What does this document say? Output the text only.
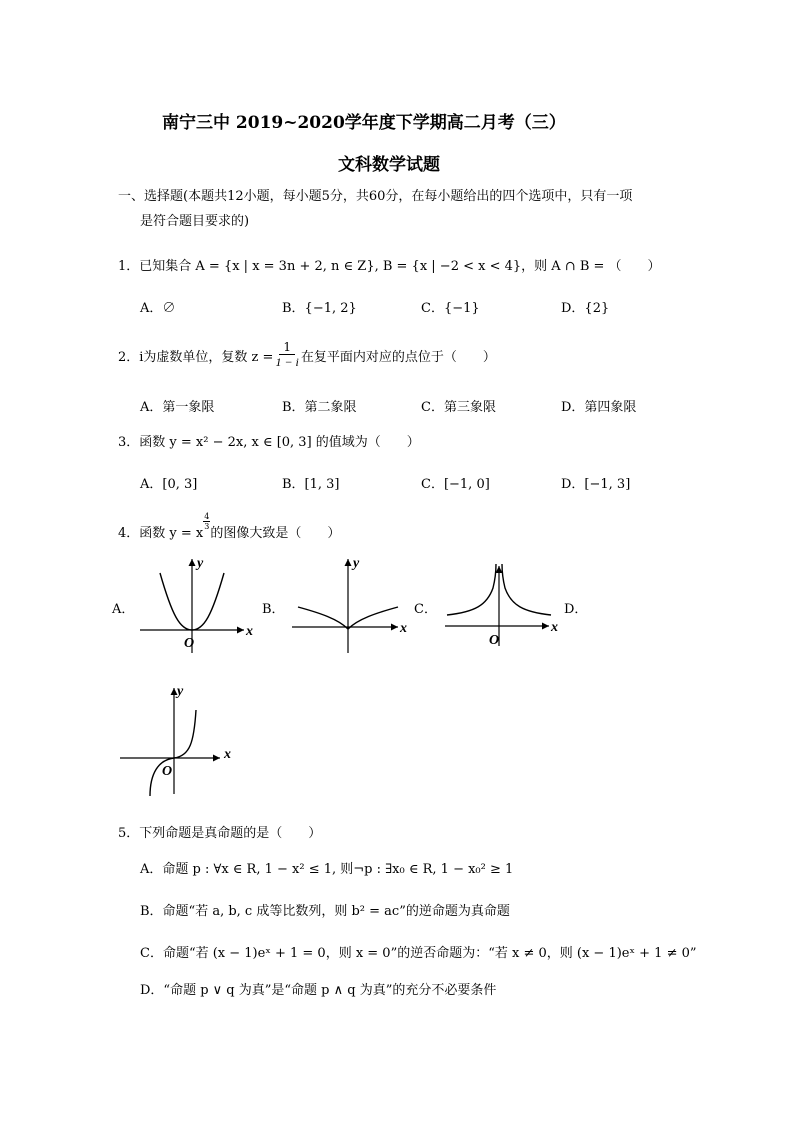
南宁三中 2019~2020学年度下学期高二月考（三）
文科数学试题
一、选择题(本题共12小题，每小题5分，共60分，在每小题给出的四个选项中，只有一项
是符合题目要求的)
1．已知集合 A = {x | x = 3n + 2, n ∈ Z}, B = {x | −2 < x < 4}，则 A ∩ B = （　　）
A．∅	B．{−1, 2}	C．{−1}	D．{2}
2．i为虚数单位，复数 $z = \frac{1}{1 - i}$ 在复平面内对应的点位于（　　）
A．第一象限	B．第二象限	C．第三象限	D．第四象限
3．函数 y = x² − 2x, x ∈ [0, 3] 的值域为（　　）
A．[0, 3]	B．[1, 3]	C．[−1, 0]	D．[−1, 3]
4．函数 y = x
$\frac{4}{3}$
的图像大致是（　　）
A．	B．	C．	D．
x
y
O
x
y
x
O
x
y
O
5．下列命题是真命题的是（　　）
A．命题 p : ∀x ∈ R, 1 − x² ≤ 1, 则¬p : ∃x₀ ∈ R, 1 − x₀² ≥ 1
B．命题“若 a, b, c 成等比数列，则 b² = ac”的逆命题为真命题
C．命题“若 (x − 1)eˣ + 1 = 0，则 x = 0”的逆否命题为：“若 x ≠ 0，则 (x − 1)eˣ + 1 ≠ 0”
D．“命题 p ∨ q 为真”是“命题 p ∧ q 为真”的充分不必要条件
